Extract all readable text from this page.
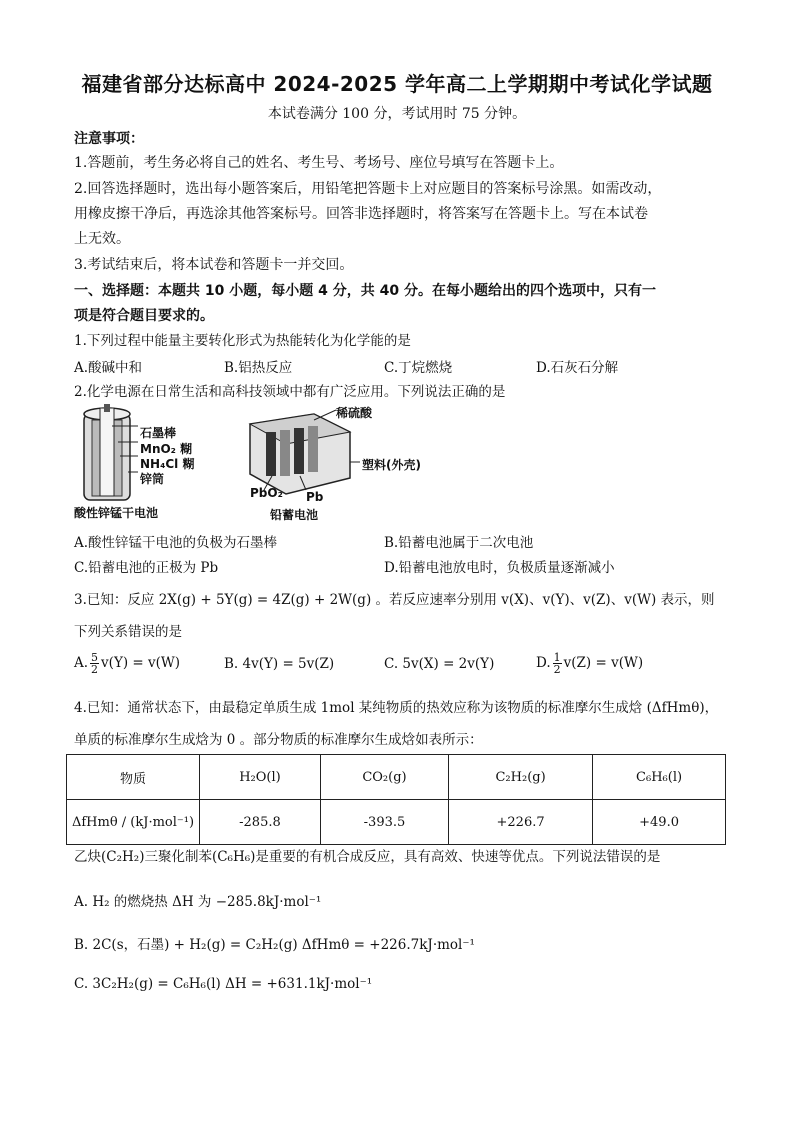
福建省部分达标高中 2024-2025 学年高二上学期期中考试化学试题
本试卷满分 100 分，考试用时 75 分钟。
注意事项：
1.答题前，考生务必将自己的姓名、考生号、考场号、座位号填写在答题卡上。
2.回答选择题时，选出每小题答案后，用铅笔把答题卡上对应题目的答案标号涂黑。如需改动，
用橡皮擦干净后，再选涂其他答案标号。回答非选择题时，将答案写在答题卡上。写在本试卷
上无效。
3.考试结束后，将本试卷和答题卡一并交回。
一、选择题：本题共 10 小题，每小题 4 分，共 40 分。在每小题给出的四个选项中，只有一
项是符合题目要求的。
1.下列过程中能量主要转化形式为热能转化为化学能的是
A.酸碱中和	B.铝热反应	C.丁烷燃烧	D.石灰石分解
2.化学电源在日常生活和高科技领域中都有广泛应用。下列说法正确的是
石墨棒
MnO₂ 糊
NH₄Cl 糊
锌筒
酸性锌锰干电池
稀硫酸
塑料(外壳)
PbO₂ Pb
铅蓄电池
A.酸性锌锰干电池的负极为石墨棒	B.铅蓄电池属于二次电池
C.铅蓄电池的正极为 Pb	D.铅蓄电池放电时，负极质量逐渐减小
3.已知：反应 2X(g) + 5Y(g) = 4Z(g) + 2W(g) 。若反应速率分别用 v(X)、v(Y)、v(Z)、v(W) 表示，则
下列关系错误的是
A. $\frac{5}{2} v(Y) = v(W)$	B. 4v(Y) = 5v(Z)	C. 5v(X) = 2v(Y)	D. $\frac{1}{2} v(Z) = v(W)$
4.已知：通常状态下，由最稳定单质生成 1mol 某纯物质的热效应称为该物质的标准摩尔生成焓 (ΔfHmθ)，
单质的标准摩尔生成焓为 0 。部分物质的标准摩尔生成焓如表所示：
物质	H₂O(l)	CO₂(g)	C₂H₂(g)	C₆H₆(l)
ΔfHmθ / (kJ·mol⁻¹)	-285.8	-393.5	+226.7	+49.0
乙炔(C₂H₂)三聚化制苯(C₆H₆)是重要的有机合成反应，具有高效、快速等优点。下列说法错误的是
A. H₂ 的燃烧热 ΔH 为 −285.8kJ·mol⁻¹
B. 2C(s，石墨) + H₂(g) = C₂H₂(g) ΔfHmθ = +226.7kJ·mol⁻¹
C. 3C₂H₂(g) = C₆H₆(l) ΔH = +631.1kJ·mol⁻¹
